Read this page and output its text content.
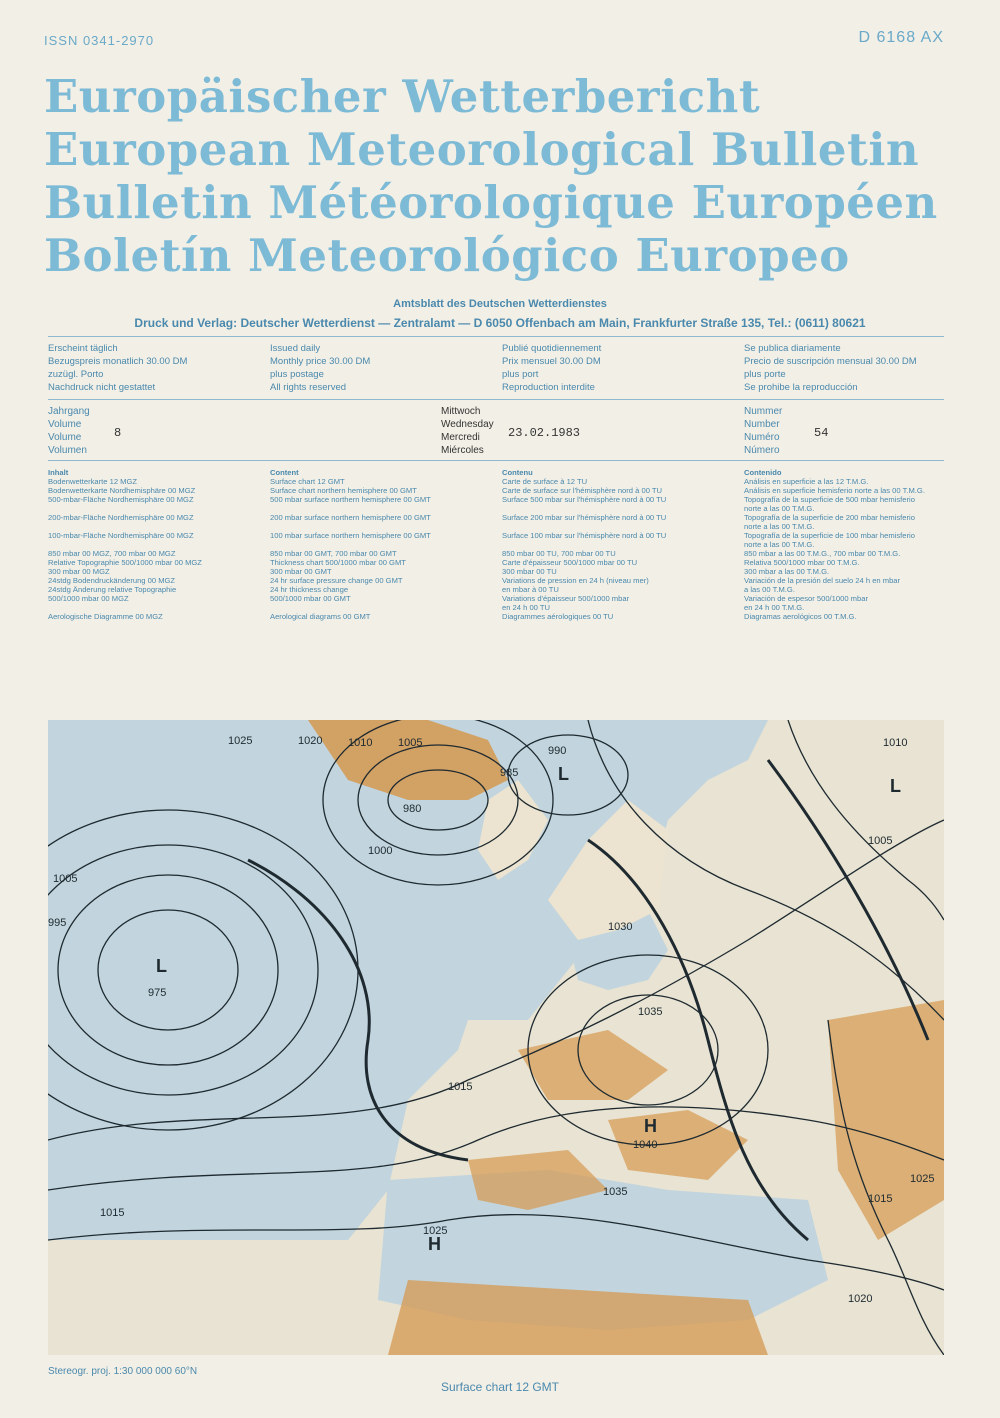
ISSN 0341-2970	D 6168 AX
Europäischer Wetterbericht
European Meteorological Bulletin
Bulletin Météorologique Européen
Boletín Meteorológico Europeo
Amtsblatt des Deutschen Wetterdienstes
Druck und Verlag: Deutscher Wetterdienst — Zentralamt — D 6050 Offenbach am Main, Frankfurter Straße 135, Tel.: (0611) 80621
Erscheint täglich
Bezugspreis monatlich 30.00 DM
zuzügl. Porto
Nachdruck nicht gestattet
Issued daily
Monthly price 30.00 DM
plus postage
All rights reserved
Publié quotidiennement
Prix mensuel 30.00 DM
plus port
Reproduction interdite
Se publica diariamente
Precio de suscripción mensual 30.00 DM
plus porte
Se prohibe la reproducción
Jahrgang
Volume
Volume
Volumen
8
Mittwoch
Wednesday
Mercredi
Miércoles
23.02.1983
Nummer
Number
Numéro
Número
54
Inhalt
Bodenwetterkarte 12 MGZ
Bodenwetterkarte Nordhemisphäre 00 MGZ
500-mbar-Fläche Nordhemisphäre 00 MGZ

200-mbar-Fläche Nordhemisphäre 00 MGZ

100-mbar-Fläche Nordhemisphäre 00 MGZ

850 mbar 00 MGZ, 700 mbar 00 MGZ
Relative Topographie 500/1000 mbar 00 MGZ
300 mbar 00 MGZ
24stdg Bodendruckänderung 00 MGZ
24stdg Änderung relative Topographie
500/1000 mbar 00 MGZ

Aerologische Diagramme 00 MGZ
Content
Surface chart 12 GMT
Surface chart northern hemisphere 00 GMT
500 mbar surface northern hemisphere 00 GMT

200 mbar surface northern hemisphere 00 GMT

100 mbar surface northern hemisphere 00 GMT

850 mbar 00 GMT, 700 mbar 00 GMT
Thickness chart 500/1000 mbar 00 GMT
300 mbar 00 GMT
24 hr surface pressure change 00 GMT
24 hr thickness change
500/1000 mbar 00 GMT

Aerological diagrams 00 GMT
Contenu
Carte de surface à 12 TU
Carte de surface sur l'hémisphère nord à 00 TU
Surface 500 mbar sur l'hémisphère nord à 00 TU

Surface 200 mbar sur l'hémisphère nord à 00 TU

Surface 100 mbar sur l'hémisphère nord à 00 TU

850 mbar 00 TU, 700 mbar 00 TU
Carte d'épaisseur 500/1000 mbar 00 TU
300 mbar 00 TU
Variations de pression en 24 h (niveau mer)
en mbar à 00 TU
Variations d'épaisseur 500/1000 mbar
en 24 h 00 TU
Diagrammes aérologiques 00 TU
Contenido
Análisis en superficie a las 12 T.M.G.
Análisis en superficie hemisferio norte a las 00 T.M.G.
Topografía de la superficie de 500 mbar hemisferio
norte a las 00 T.M.G.
Topografía de la superficie de 200 mbar hemisferio
norte a las 00 T.M.G.
Topografía de la superficie de 100 mbar hemisferio
norte a las 00 T.M.G.
850 mbar a las 00 T.M.G., 700 mbar 00 T.M.G.
Relativa 500/1000 mbar 00 T.M.G.
300 mbar a las 00 T.M.G.
Variación de la presión del suelo 24 h en mbar
a las 00 T.M.G.
Variación de espesor 500/1000 mbar
en 24 h 00 T.M.G.
Diagramas aerológicos 00 T.M.G.
1025	1020 1010 1005
990
985
980
1000
995
975
1005
1015
1030
1035
1040
1015
1025
1020
1015
1035
1005
1010
1025
L
L
H
L
H
Stereogr. proj. 1:30 000 000 60°N
Surface chart 12 GMT
